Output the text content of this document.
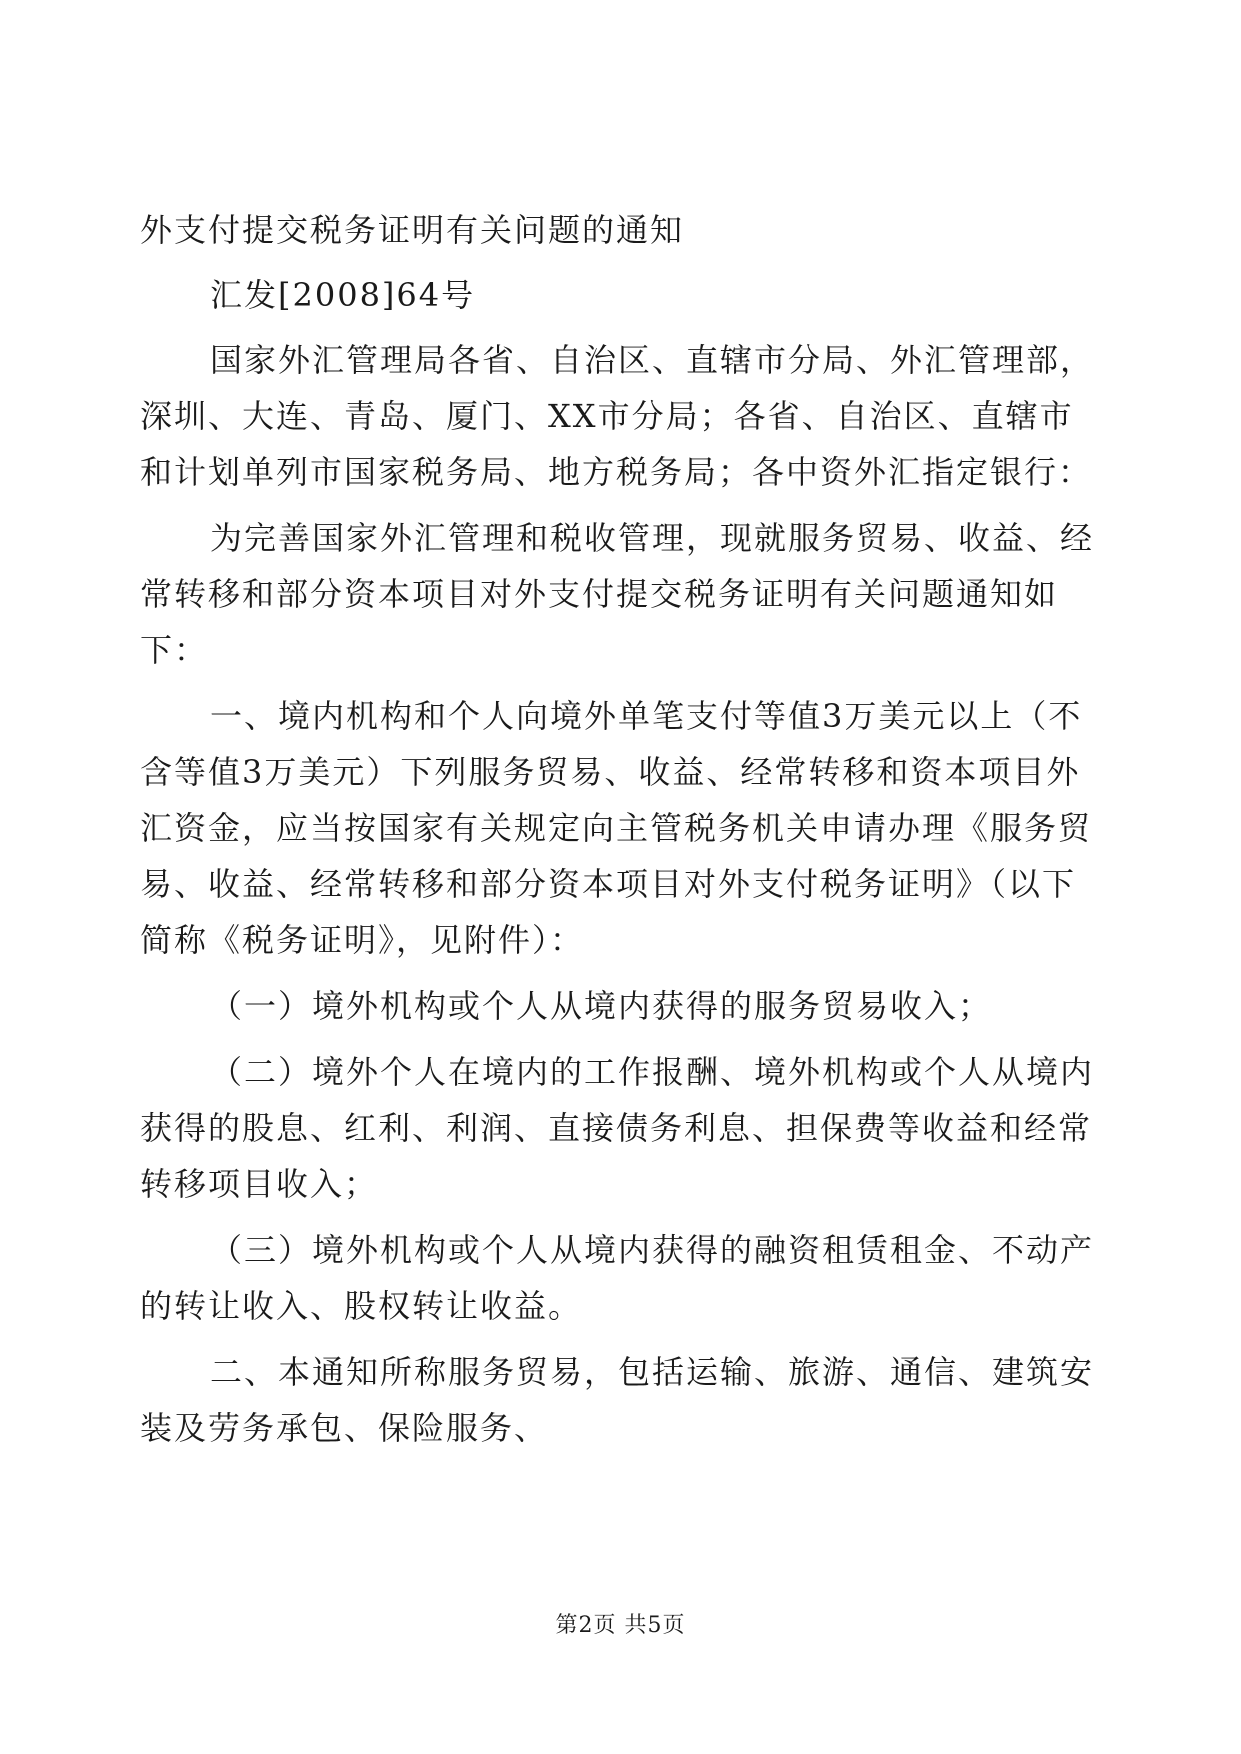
外支付提交税务证明有关问题的通知
汇发[2008]64号
国家外汇管理局各省、自治区、直辖市分局、外汇管理部，
深圳、大连、青岛、厦门、XX市分局；各省、自治区、直辖市
和计划单列市国家税务局、地方税务局；各中资外汇指定银行：
为完善国家外汇管理和税收管理，现就服务贸易、收益、经
常转移和部分资本项目对外支付提交税务证明有关问题通知如
下：
一、境内机构和个人向境外单笔支付等值3万美元以上（不
含等值3万美元）下列服务贸易、收益、经常转移和资本项目外
汇资金，应当按国家有关规定向主管税务机关申请办理《服务贸
易、收益、经常转移和部分资本项目对外支付税务证明》（以下
简称《税务证明》，见附件）：
（一）境外机构或个人从境内获得的服务贸易收入；
（二）境外个人在境内的工作报酬、境外机构或个人从境内
获得的股息、红利、利润、直接债务利息、担保费等收益和经常
转移项目收入；
（三）境外机构或个人从境内获得的融资租赁租金、不动产
的转让收入、股权转让收益。
二、本通知所称服务贸易，包括运输、旅游、通信、建筑安
装及劳务承包、保险服务、
第2页 共5页
